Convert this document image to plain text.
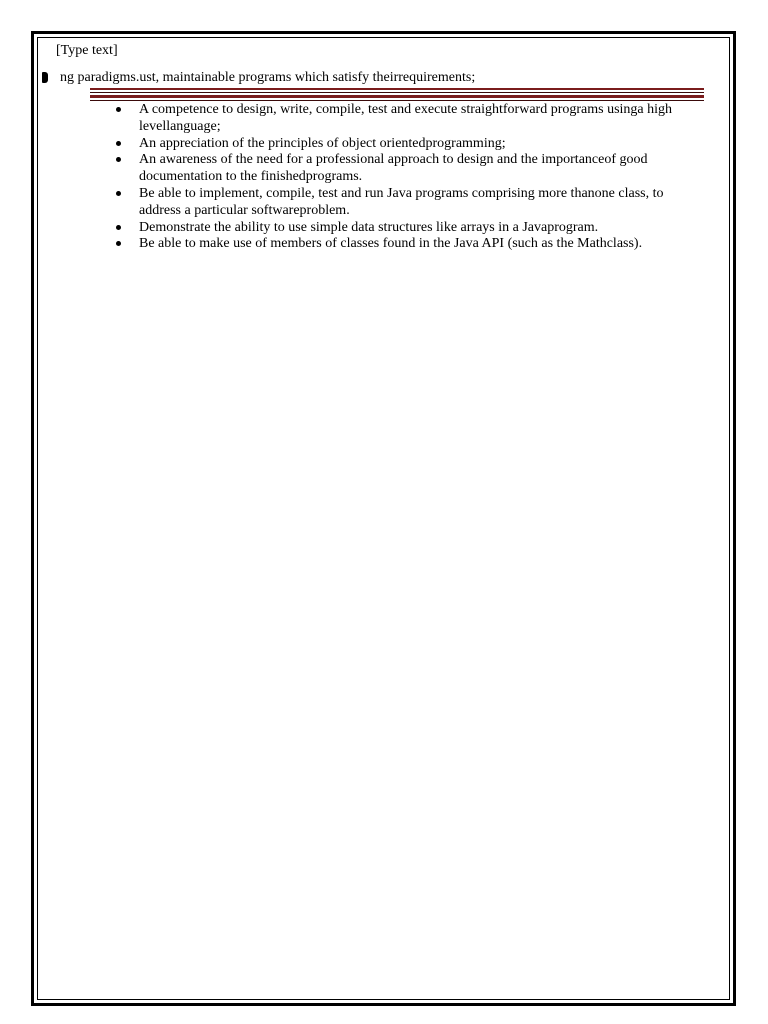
[Type text]
ng paradigms.ust, maintainable programs which satisfy theirrequirements;
A competence to design, write, compile, test and execute straightforward programs usinga high levellanguage;
An appreciation of the principles of object orientedprogramming;
An awareness of the need for a professional approach to design and the importanceof good documentation to the finishedprograms.
Be able to implement, compile, test and run Java programs comprising more thanone class, to address a particular softwareproblem.
Demonstrate the ability to use simple data structures like arrays in a Javaprogram.
Be able to make use of members of classes found in the Java API (such as the Mathclass).
